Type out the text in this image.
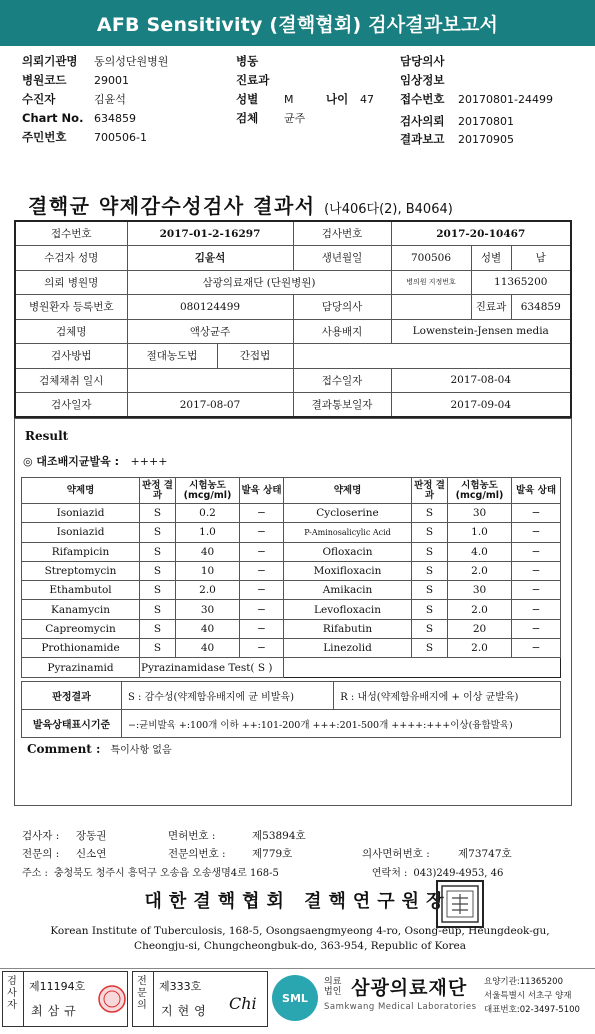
AFB Sensitivity (결핵협회) 검사결과보고서
의뢰기관명	동의성단원병원
병원코드	29001
수진자	김윤석
Chart No. 634859
주민번호	700506-1
병동
진료과
성별	M	나이	47
검체	균주
담당의사
임상정보
접수번호	20170801-24499
검사의뢰	20170801
결과보고	20170905
결핵균 약제감수성검사 결과서 (나406다(2), B4064)
접수번호	2017-01-2-16297		검사번호	2017-20-10467		
수검자 성명	김윤석		생년월일	700506	성별	남
의뢰 병원명	삼광의료재단 (단원병원)			병의원 지정번호	11365200	
병원환자 등록번호	080124499		담당의사		진료과	634859
검체명	액상균주		사용배지	Lowenstein-Jensen media		
검사방법	절대농도법	간접법				
검체채취 일시			접수일자	2017-08-04		
검사일자	2017-08-07		결과통보일자	2017-09-04		
Result
◎ 대조배지균발육 : ++++
약제명	판정 결과	시험농도 (mcg/ml)	발육 상태	약제명	판정 결과	시험농도 (mcg/ml)	발육 상태
Isoniazid	S	0.2	−	Cycloserine	S	30	−
Isoniazid	S	1.0	−	P-Aminosalicylic Acid	S	1.0	−
Rifampicin	S	40	−	Ofloxacin	S	4.0	−
Streptomycin	S	10	−	Moxifloxacin	S	2.0	−
Ethambutol	S	2.0	−	Amikacin	S	30	−
Kanamycin	S	30	−	Levofloxacin	S	2.0	−
Capreomycin	S	40	−	Rifabutin	S	20	−
Prothionamide	S	40	−	Linezolid	S	2.0	−
Pyrazinamid	Pyrazinamidase Test( S )						
판정결과	S : 감수성(약제함유배지에 균 비발육)	R : 내성(약제함유배지에 + 이상 균발육)
발육상태표시기준	−:균비발육 +:100개 이하 ++:101-200개 +++:201-500개 ++++:+++이상(융합발육)	
Comment : 특이사항 없음
검사자 : 장동권	면허번호 :	제53894호
전문의 : 신소연	전문의번호 :	제779호	의사면허번호 :	제73747호
주소 : 충청북도 청주시 흥덕구 오송읍 오송생명4로 168-5	연락처 : 043)249-4953, 46
대한결핵협회 결핵연구원장
Korean Institute of Tuberculosis, 168-5, Osongsaengmyeong 4-ro, Osong-eup, Heungdeok-gu,
Cheongju-si, Chungcheongbuk-do, 363-954, Republic of Korea
검사자
제11194호
최삼규
전문의
제333호
지현영 Chi	SML
의료법인 삼광의료재단
Samkwang Medical Laboratories
요양기관:11365200
서울특별시 서초구 양재
대표번호:02-3497-5100
